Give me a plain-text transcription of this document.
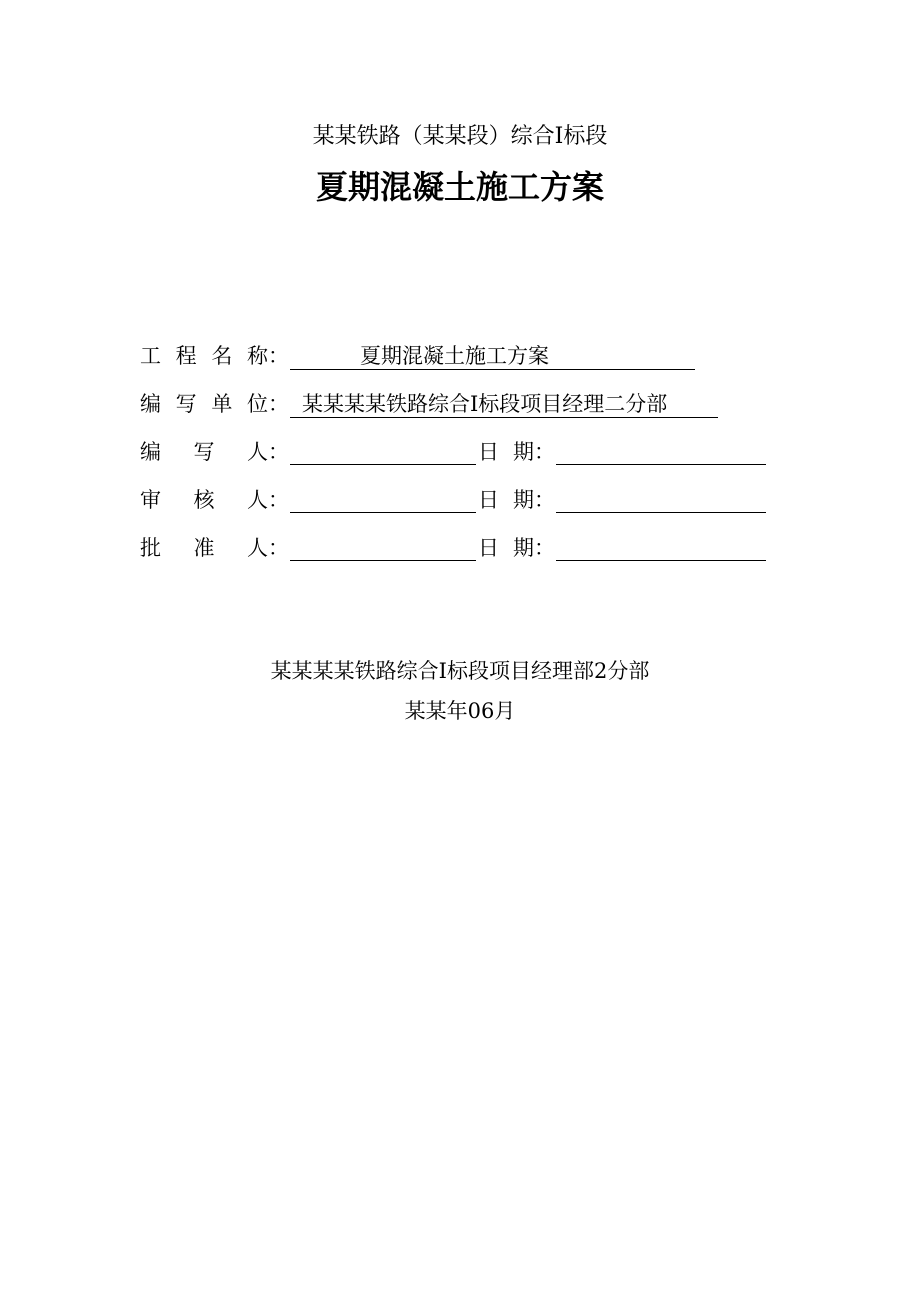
某某铁路（某某段）综合Ⅰ标段
夏期混凝土施工方案
工 程 名 称 ：	夏期混凝土施工方案
编 写 单 位 ： 某某某某铁路综合Ⅰ标段项目经理二分部
编 写 人 ：	日 期 ：
审 核 人 ：	日 期 ：
批 准 人 ：	日 期 ：
某某某某铁路综合Ⅰ标段项目经理部2分部
某某年06月
